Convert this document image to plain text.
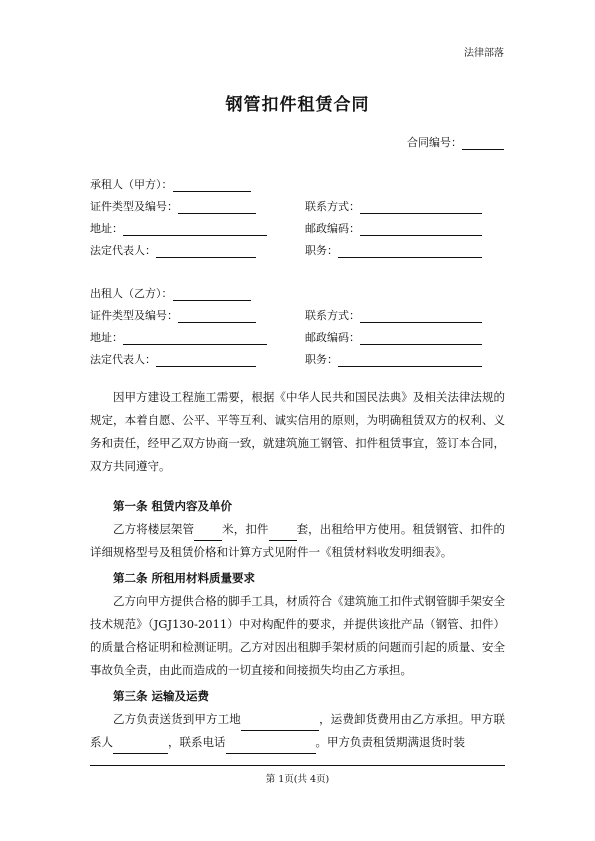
法律部落
钢管扣件租赁合同
合同编号：
承租人（甲方）：
证件类型及编号：	联系方式：
地址：	邮政编码：
法定代表人：	职务：
出租人（乙方）：
证件类型及编号：	联系方式：
地址：	邮政编码：
法定代表人：	职务：
因甲方建设工程施工需要，根据《中华人民共和国民法典》及相关法律法规的规定，本着自愿、公平、平等互利、诚实信用的原则，为明确租赁双方的权利、义务和责任，经甲乙双方协商一致，就建筑施工钢管、扣件租赁事宜，签订本合同，双方共同遵守。
第一条 租赁内容及单价
乙方将楼层架管 米，扣件 套，出租给甲方使用。租赁钢管、扣件的详细规格型号及租赁价格和计算方式见附件一《租赁材料收发明细表》。
第二条 所租用材料质量要求
乙方向甲方提供合格的脚手工具，材质符合《建筑施工扣件式钢管脚手架安全技术规范》（JGJ130-2011）中对构配件的要求，并提供该批产品（钢管、扣件）的质量合格证明和检测证明。乙方对因出租脚手架材质的问题而引起的质量、安全事故负全责，由此而造成的一切直接和间接损失均由乙方承担。
第三条 运输及运费
乙方负责送货到甲方工地	，运费卸货费用由乙方承担。甲方联系人	，联系电话	。甲方负责租赁期满退货时装
第 1页(共 4页)
